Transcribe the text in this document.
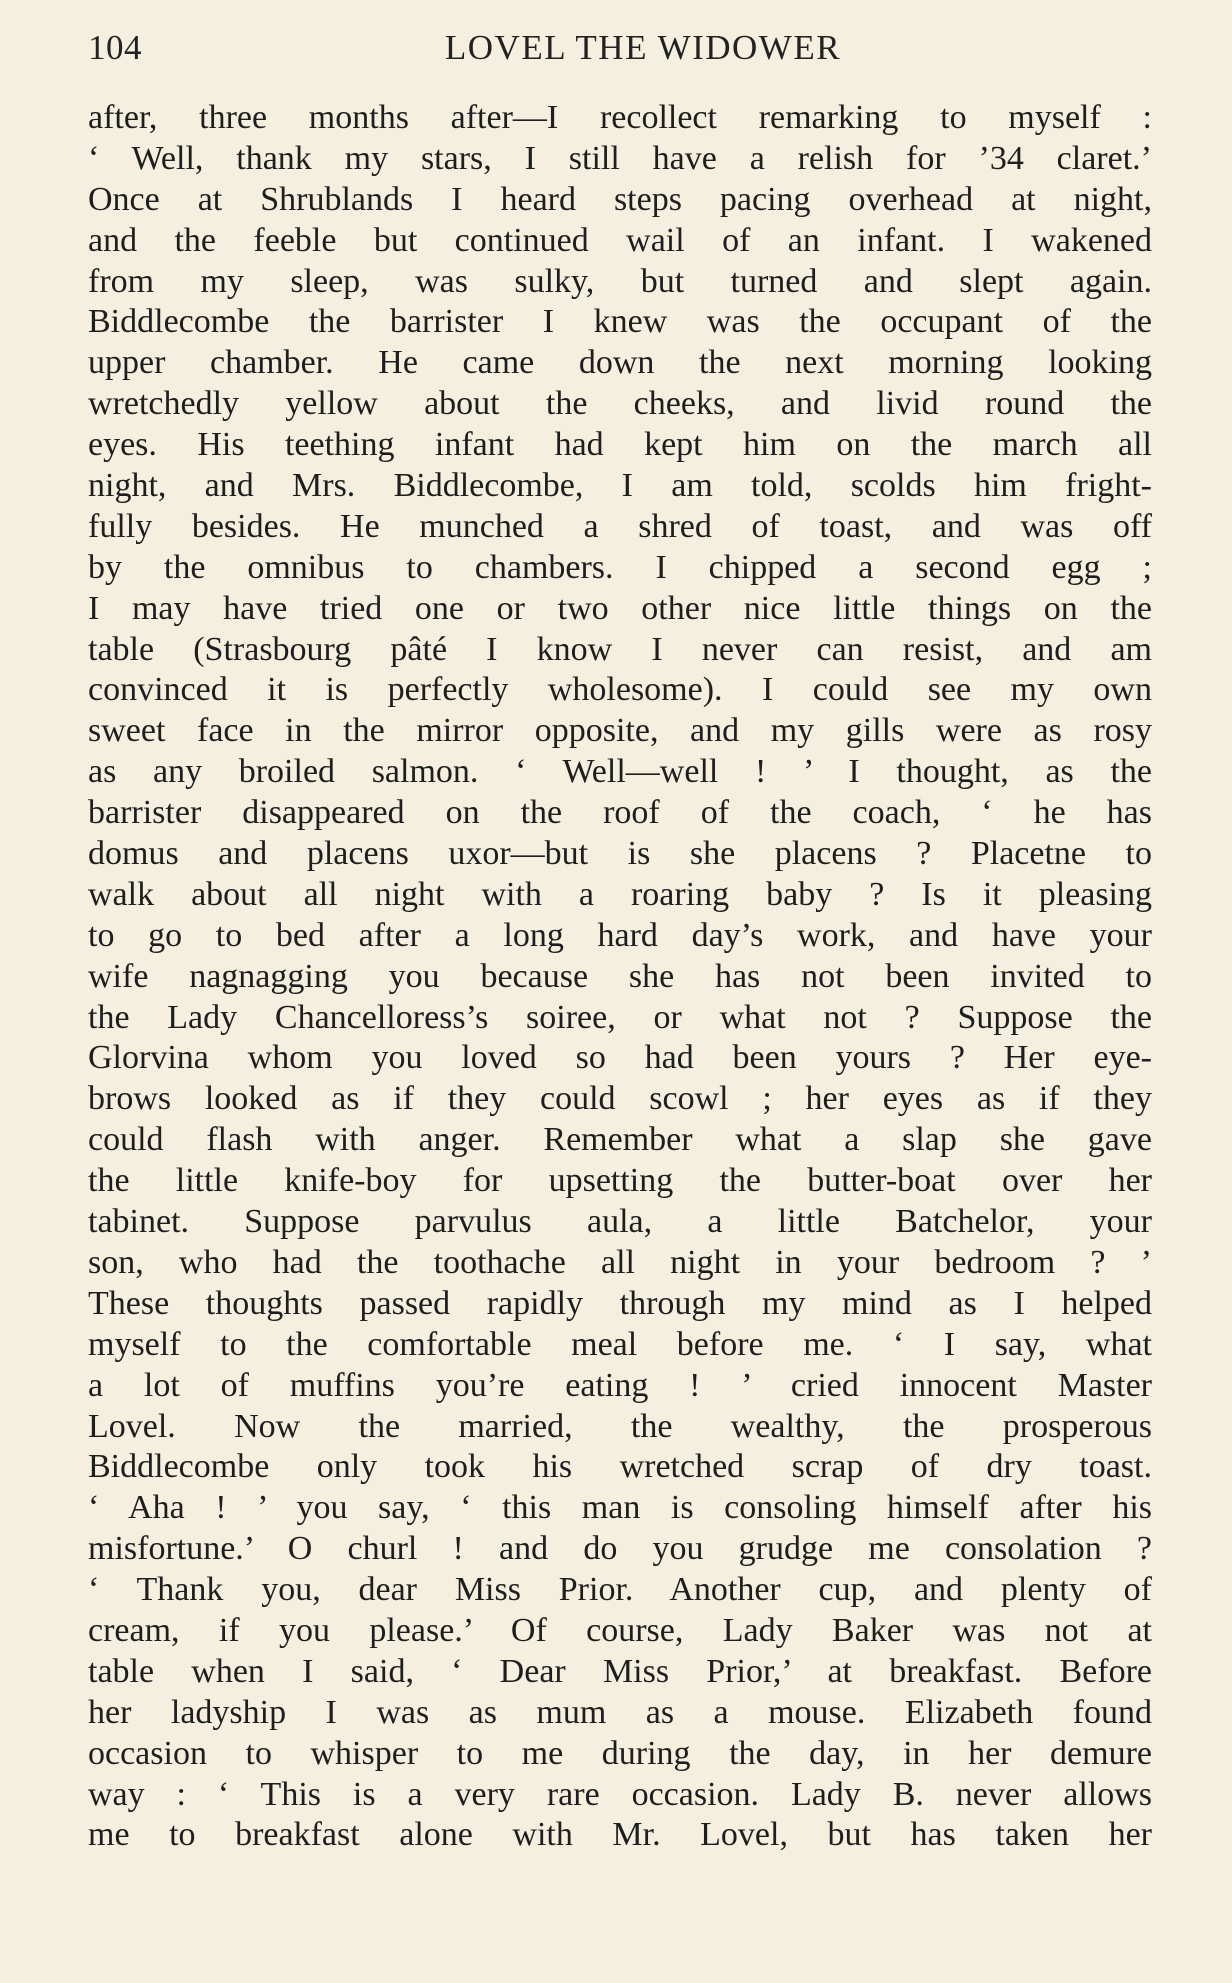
104	LOVEL THE WIDOWER
after, three months after—I recollect remarking to myself :
‘ Well, thank my stars, I still have a relish for ’34 claret.’
Once at Shrublands I heard steps pacing overhead at night,
and the feeble but continued wail of an infant. I wakened
from my sleep, was sulky, but turned and slept again.
Biddlecombe the barrister I knew was the occupant of the
upper chamber. He came down the next morning looking
wretchedly yellow about the cheeks, and livid round the
eyes. His teething infant had kept him on the march all
night, and Mrs. Biddlecombe, I am told, scolds him fright-
fully besides. He munched a shred of toast, and was off
by the omnibus to chambers. I chipped a second egg ;
I may have tried one or two other nice little things on the
table (Strasbourg pâté I know I never can resist, and am
convinced it is perfectly wholesome). I could see my own
sweet face in the mirror opposite, and my gills were as rosy
as any broiled salmon. ‘ Well—well ! ’ I thought, as the
barrister disappeared on the roof of the coach, ‘ he has
domus and placens uxor—but is she placens ? Placetne to
walk about all night with a roaring baby ? Is it pleasing
to go to bed after a long hard day’s work, and have your
wife nagnagging you because she has not been invited to
the Lady Chancelloress’s soiree, or what not ? Suppose the
Glorvina whom you loved so had been yours ? Her eye-
brows looked as if they could scowl ; her eyes as if they
could flash with anger. Remember what a slap she gave
the little knife-boy for upsetting the butter-boat over her
tabinet. Suppose parvulus aula, a little Batchelor, your
son, who had the toothache all night in your bedroom ? ’
These thoughts passed rapidly through my mind as I helped
myself to the comfortable meal before me. ‘ I say, what
a lot of muffins you’re eating ! ’ cried innocent Master
Lovel. Now the married, the wealthy, the prosperous
Biddlecombe only took his wretched scrap of dry toast.
‘ Aha ! ’ you say, ‘ this man is consoling himself after his
misfortune.’ O churl ! and do you grudge me consolation ?
‘ Thank you, dear Miss Prior. Another cup, and plenty of
cream, if you please.’ Of course, Lady Baker was not at
table when I said, ‘ Dear Miss Prior,’ at breakfast. Before
her ladyship I was as mum as a mouse. Elizabeth found
occasion to whisper to me during the day, in her demure
way : ‘ This is a very rare occasion. Lady B. never allows
me to breakfast alone with Mr. Lovel, but has taken her
